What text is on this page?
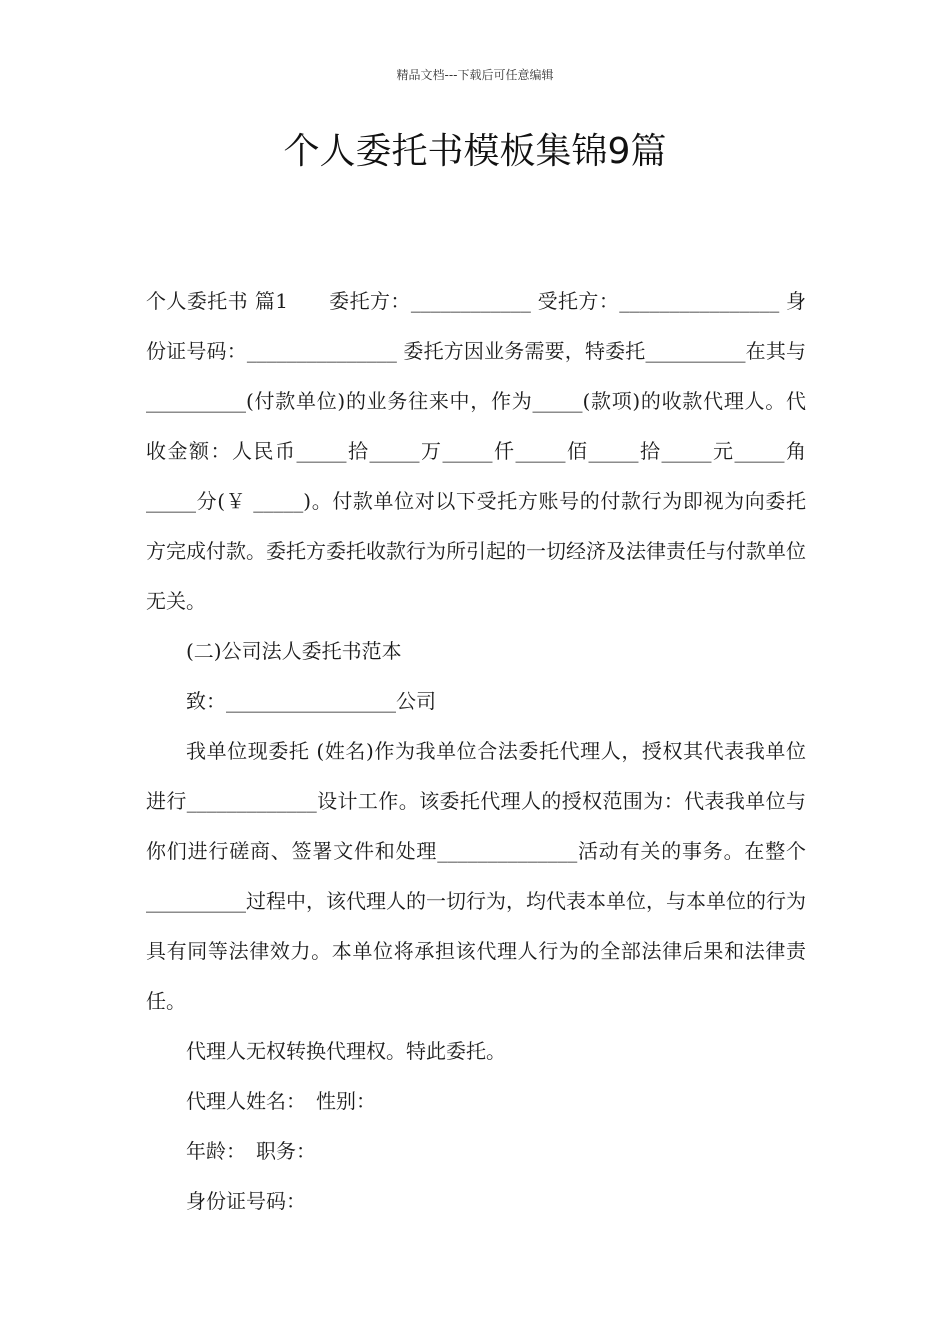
精品文档---下载后可任意编辑
个人委托书模板集锦9篇

个人委托书 篇1　　委托方：____________ 受托方：________________ 身份证号码：_______________ 委托方因业务需要，特委托__________在其与__________(付款单位)的业务往来中，作为_____(款项)的收款代理人。代收金额：人民币_____拾_____万_____仟_____佰_____拾_____元_____角_____分(￥ _____)。付款单位对以下受托方账号的付款行为即视为向委托方完成付款。委托方委托收款行为所引起的一切经济及法律责任与付款单位无关。

(二)公司法人委托书范本

致：_________________公司

我单位现委托 (姓名)作为我单位合法委托代理人，授权其代表我单位进行_____________设计工作。该委托代理人的授权范围为：代表我单位与你们进行磋商、签署文件和处理______________活动有关的事务。在整个__________过程中，该代理人的一切行为，均代表本单位，与本单位的行为具有同等法律效力。本单位将承担该代理人行为的全部法律后果和法律责任。

代理人无权转换代理权。特此委托。

代理人姓名：　性别：

年龄：　职务：

身份证号码：
